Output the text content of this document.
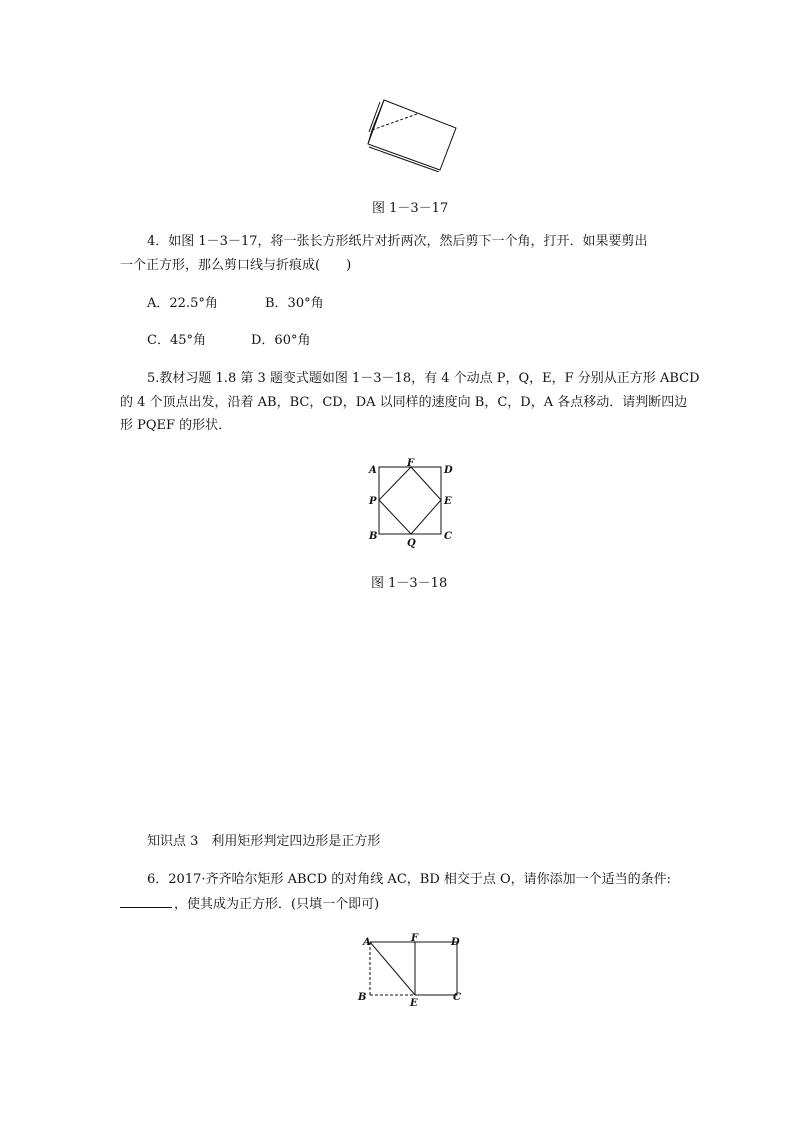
图 1－3－17
4．如图 1－3－17，将一张长方形纸片对折两次，然后剪下一个角，打开．如果要剪出
一个正方形，那么剪口线与折痕成(　　)
A．22.5°角	B．30°角
C．45°角	D．60°角
5.教材习题 1.8 第 3 题变式题如图 1－3－18，有 4 个动点 P，Q，E，F 分别从正方形 ABCD
的 4 个顶点出发，沿着 AB，BC，CD，DA 以同样的速度向 B，C，D，A 各点移动．请判断四边
形 PQEF 的形状．
A
F
D
P	E
B
Q
C
图 1－3－18
知识点 3　利用矩形判定四边形是正方形
6．2017·齐齐哈尔矩形 ABCD 的对角线 AC，BD 相交于点 O，请你添加一个适当的条件:
，使其成为正方形．(只填一个即可)
A	F	D
B
E
C
